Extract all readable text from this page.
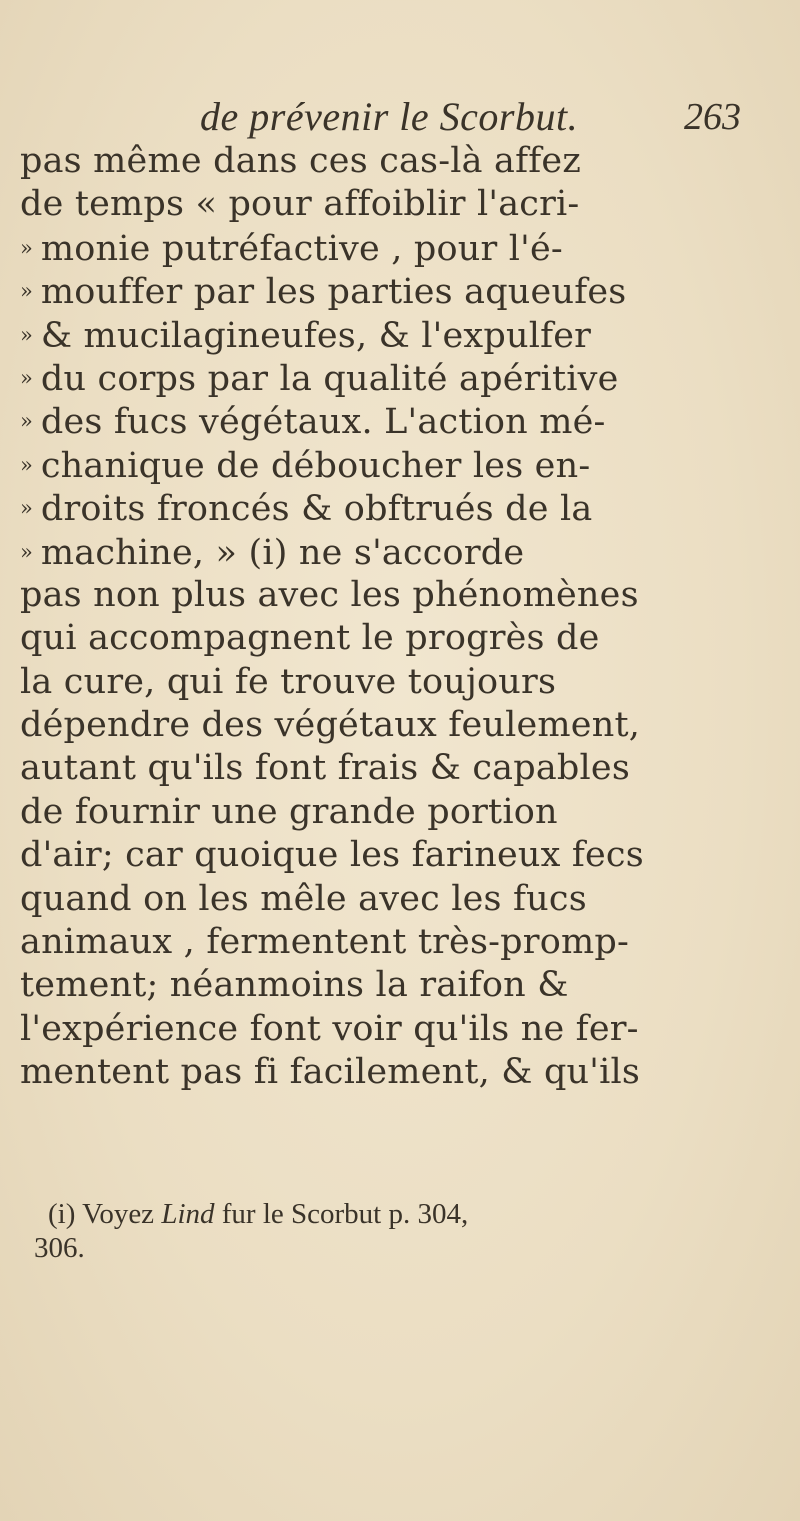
de prévenir le Scorbut.	263
pas même dans ces cas-là affez
de temps « pour affoiblir l'acri-
» monie putréfactive , pour l'é-
» mouffer par les parties aqueufes
» & mucilagineufes, & l'expulfer
» du corps par la qualité apéritive
» des fucs végétaux. L'action mé-
» chanique de déboucher les en-
» droits froncés & obftrués de la
» machine, » (i) ne s'accorde
pas non plus avec les phénomènes
qui accompagnent le progrès de
la cure, qui fe trouve toujours
dépendre des végétaux feulement,
autant qu'ils font frais & capables
de fournir une grande portion
d'air; car quoique les farineux fecs
quand on les mêle avec les fucs
animaux , fermentent très-promp-
tement; néanmoins la raifon &
l'expérience font voir qu'ils ne fer-
mentent pas fi facilement, & qu'ils
(i) Voyez Lind fur le Scorbut p. 304,
306.
